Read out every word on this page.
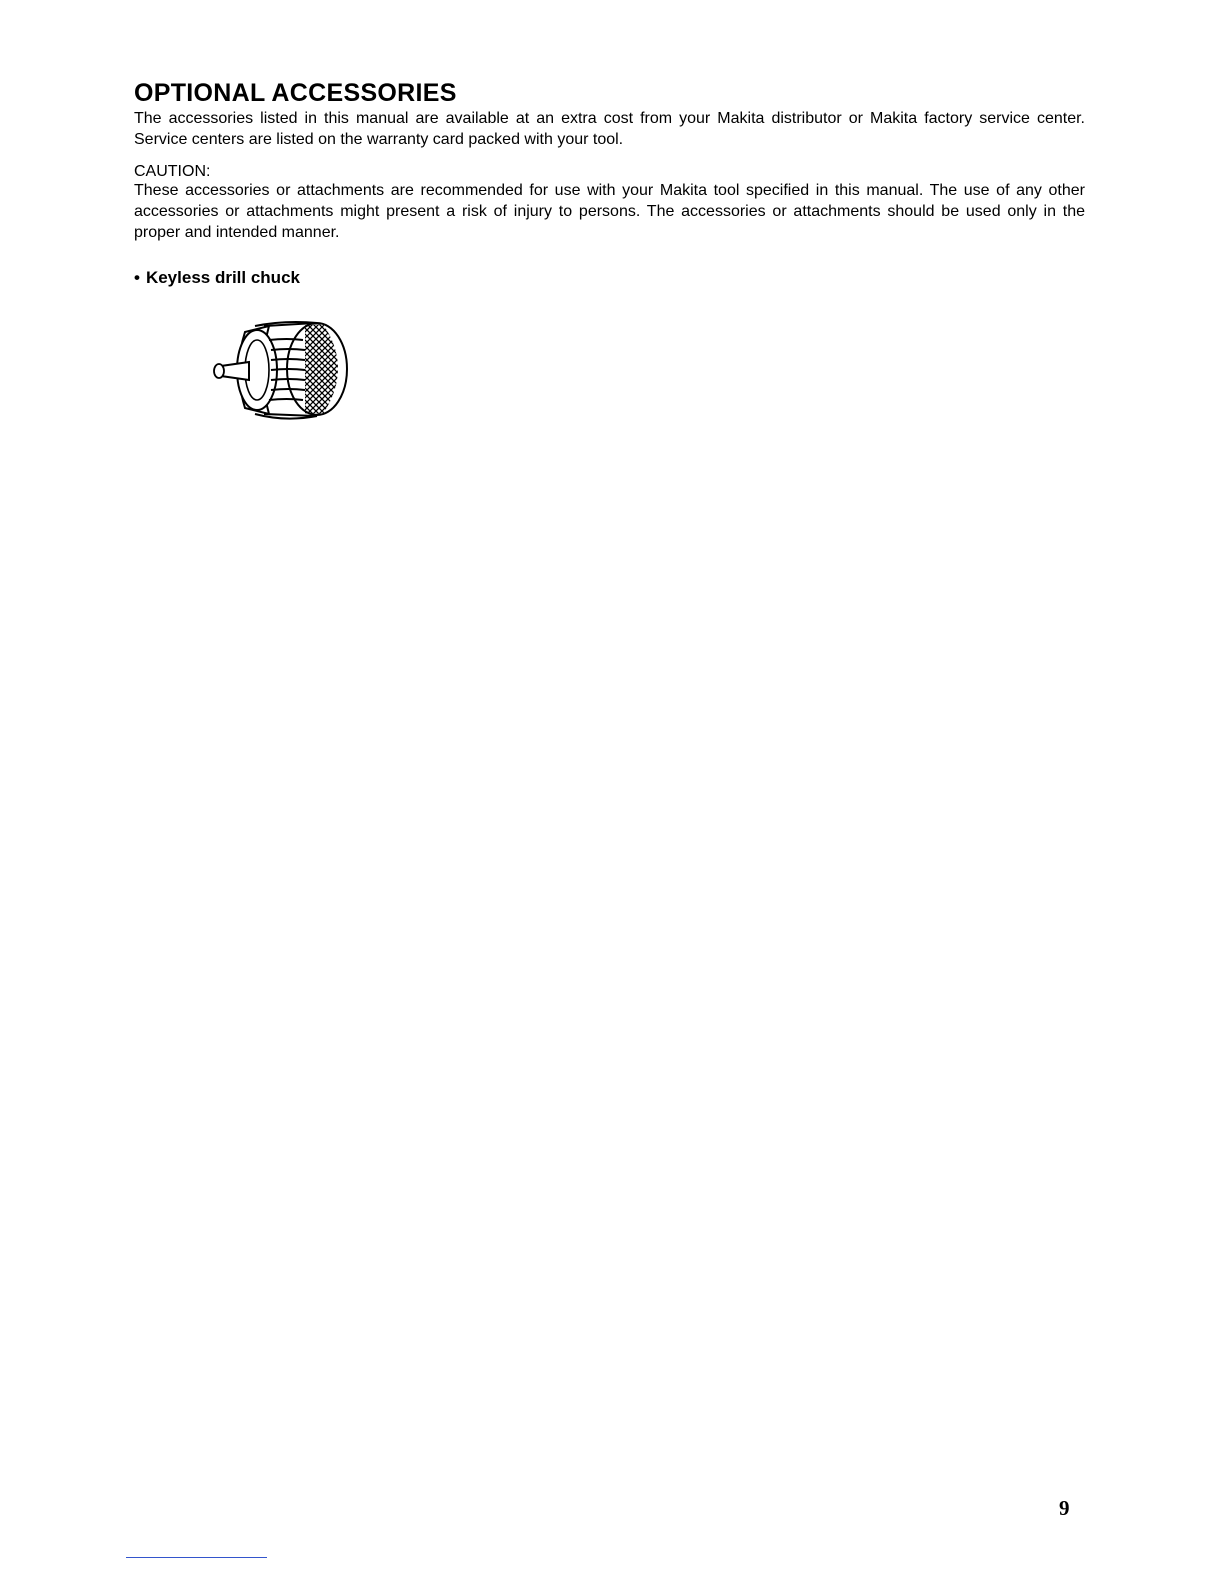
OPTIONAL ACCESSORIES

The accessories listed in this manual are available at an extra cost from your Makita distributor or Makita factory service center. Service centers are listed on the warranty card packed with your tool.

CAUTION:

These accessories or attachments are recommended for use with your Makita tool specified in this manual. The use of any other accessories or attachments might present a risk of injury to persons. The accessories or attachments should be used only in the proper and intended manner.

• Keyless drill chuck
9
